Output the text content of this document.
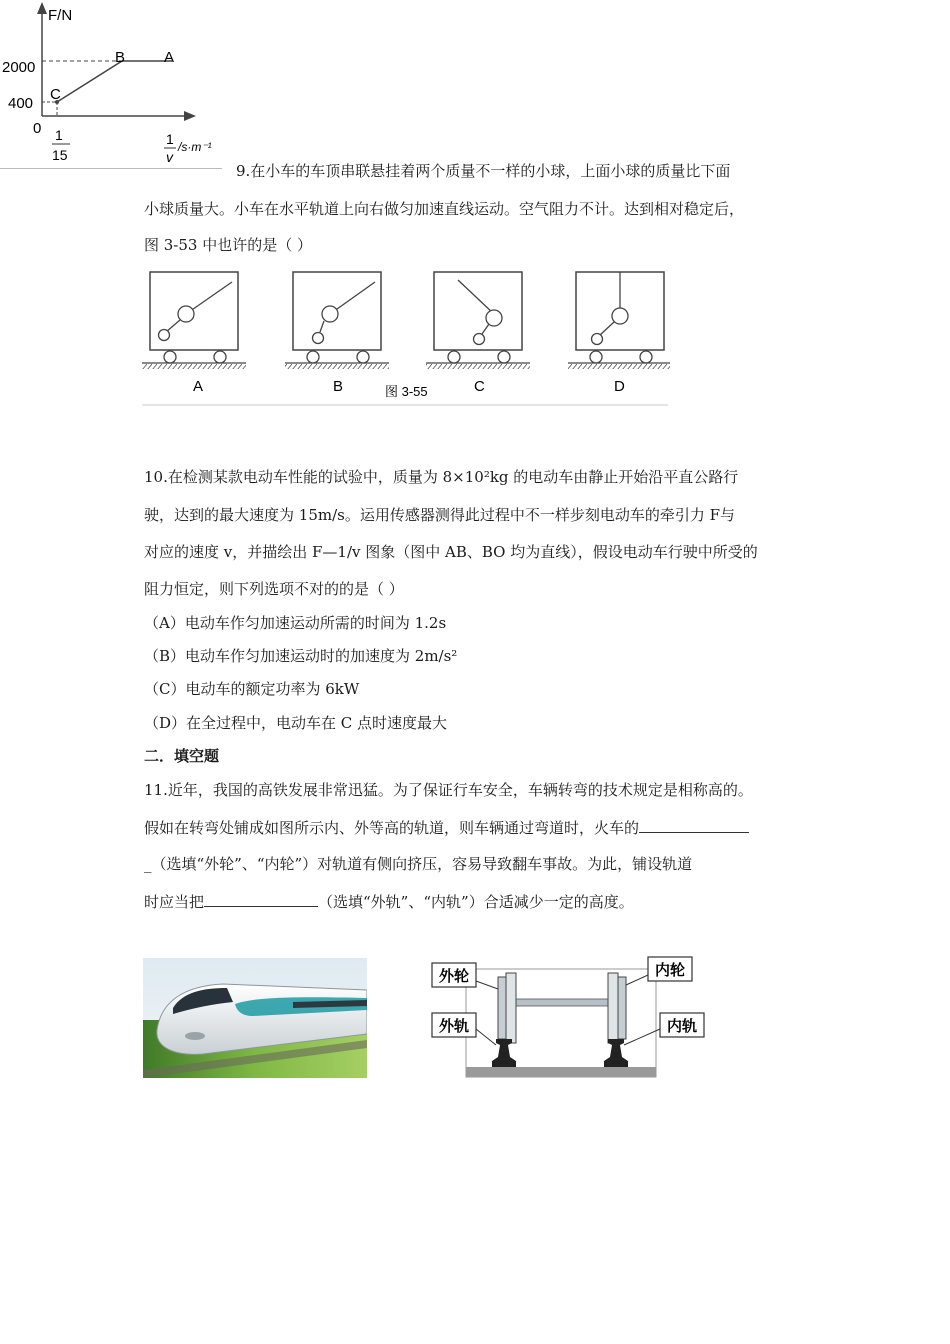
F/N
2000
400
0
B	A
C
1
15
1
v
/s·m⁻¹
9.在小车的车顶串联悬挂着两个质量不一样的小球，上面小球的质量比下面
小球质量大。小车在水平轨道上向右做匀加速直线运动。空气阻力不计。达到相对稳定后，
图 3-53 中也许的是（ ）
A	B	C	D
图 3-55
10.在检测某款电动车性能的试验中，质量为 8×10²kg 的电动车由静止开始沿平直公路行
驶，达到的最大速度为 15m/s。运用传感器测得此过程中不一样步刻电动车的牵引力 F与
对应的速度 v，并描绘出 F—1/v 图象（图中 AB、BO 均为直线），假设电动车行驶中所受的
阻力恒定，则下列选项不对的的是（ ）
（A）电动车作匀加速运动所需的时间为 1.2s
（B）电动车作匀加速运动时的加速度为 2m/s²
（C）电动车的额定功率为 6kW
（D）在全过程中，电动车在 C 点时速度最大
二．填空题
11.近年，我国的高铁发展非常迅猛。为了保证行车安全，车辆转弯的技术规定是相称高的。
假如在转弯处铺成如图所示内、外等高的轨道，则车辆通过弯道时，火车的
_（选填“外轮”、“内轮”）对轨道有侧向挤压，容易导致翻车事故。为此，铺设轨道
时应当把	（选填“外轨”、“内轨”）合适减少一定的高度。
外轮	内轮
外轨	内轨
